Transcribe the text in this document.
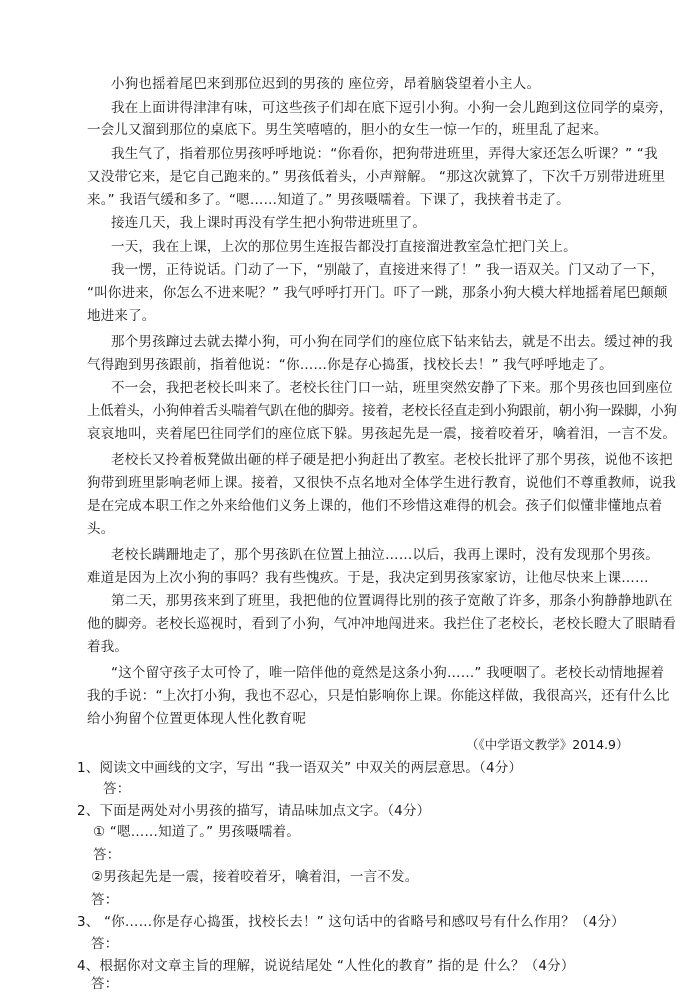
小狗也摇着尾巴来到那位迟到的男孩的 座位旁，昂着脑袋望着小主人。
我在上面讲得津津有味，可这些孩子们却在底下逗引小狗。小狗一会儿跑到这位同学的桌旁，
一会儿又溜到那位的桌底下。男生笑嘻嘻的，胆小的女生一惊一乍的，班里乱了起来。
我生气了，指着那位男孩呼呼地说：“你看你，把狗带进班里，弄得大家还怎么听课？” “我
又没带它来，是它自己跑来的。” 男孩低着头，小声辩解。 “那这次就算了，下次千万别带进班里
来。” 我语气缓和多了。“嗯……知道了。” 男孩嗫嚅着。下课了，我挟着书走了。
接连几天，我上课时再没有学生把小狗带进班里了。
一天，我在上课，上次的那位男生连报告都没打直接溜进教室急忙把门关上。
我一愣，正待说话。门动了一下，“别敲了，直接进来得了！” 我一语双关。门又动了一下，
“叫你进来，你怎么不进来呢？” 我气呼呼打开门。吓了一跳，那条小狗大模大样地摇着尾巴颠颠
地进来了。
那个男孩蹿过去就去撵小狗，可小狗在同学们的座位底下钻来钻去，就是不出去。缓过神的我
气得跑到男孩跟前，指着他说：“你……你是存心捣蛋，找校长去！” 我气呼呼地走了。
不一会，我把老校长叫来了。老校长往门口一站，班里突然安静了下来。那个男孩也回到座位
上低着头，小狗伸着舌头喘着气趴在他的脚旁。接着，老校长径直走到小狗跟前，朝小狗一跺脚，小狗
哀哀地叫，夹着尾巴往同学们的座位底下躲。男孩起先是一震，接着咬着牙，噙着泪，一言不发。
老校长又拎着板凳做出砸的样子硬是把小狗赶出了教室。老校长批评了那个男孩，说他不该把
狗带到班里影响老师上课。接着，又很快不点名地对全体学生进行教育，说他们不尊重教师，说我
是在完成本职工作之外来给他们义务上课的，他们不珍惜这难得的机会。孩子们似懂非懂地点着
头。
老校长蹒跚地走了，那个男孩趴在位置上抽泣……以后，我再上课时，没有发现那个男孩。
难道是因为上次小狗的事吗？我有些愧疚。于是，我决定到男孩家家访，让他尽快来上课……
第二天，那男孩来到了班里，我把他的位置调得比别的孩子宽敞了许多，那条小狗静静地趴在
他的脚旁。老校长巡视时，看到了小狗，气冲冲地闯进来。我拦住了老校长，老校长瞪大了眼睛看
着我。
“这个留守孩子太可怜了，唯一陪伴他的竟然是这条小狗……” 我哽咽了。老校长动情地握着
我的手说：“上次打小狗，我也不忍心，只是怕影响你上课。你能这样做，我很高兴，还有什么比
给小狗留个位置更体现人性化教育呢
（《中学语文教学》2014.9）
1、阅读文中画线的文字，写出 “我一语双关” 中双关的两层意思。（4分）
答：
2、下面是两处对小男孩的描写，请品味加点文字。（4分）
① “嗯……知道了。” 男孩嗫嚅着。
答：
②男孩起先是一震，接着咬着牙，噙着泪，一言不发。
答：
3、 “你……你是存心捣蛋，找校长去！” 这句话中的省略号和感叹号有什么作用？（4分）
答：
4、根据你对文章主旨的理解，说说结尾处 “人性化的教育” 指的是 什么？（4分）
答：
